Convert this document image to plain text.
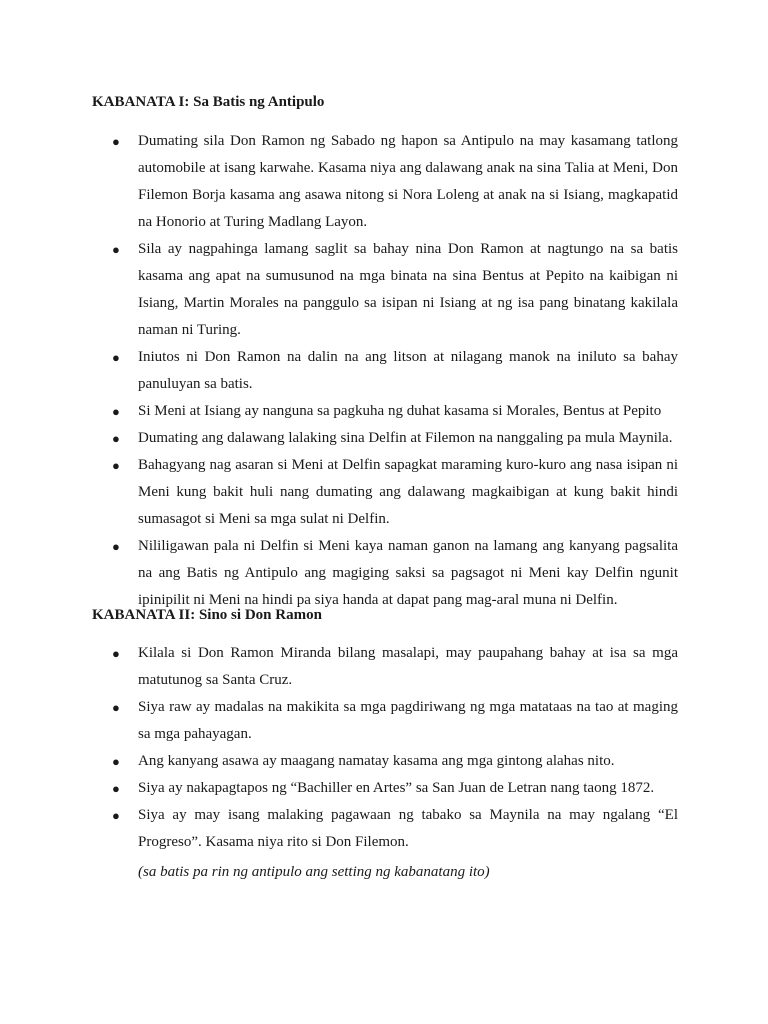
KABANATA I: Sa Batis ng Antipulo
● Dumating sila Don Ramon ng Sabado ng hapon sa Antipulo na may kasamang tatlong automobile at isang karwahe. Kasama niya ang dalawang anak na sina Talia at Meni, Don Filemon Borja kasama ang asawa nitong si Nora Loleng at anak na si Isiang, magkapatid na Honorio at Turing Madlang Layon.
● Sila ay nagpahinga lamang saglit sa bahay nina Don Ramon at nagtungo na sa batis kasama ang apat na sumusunod na mga binata na sina Bentus at Pepito na kaibigan ni Isiang, Martin Morales na panggulo sa isipan ni Isiang at ng isa pang binatang kakilala naman ni Turing.
● Iniutos ni Don Ramon na dalin na ang litson at nilagang manok na iniluto sa bahay panuluyan sa batis.
● Si Meni at Isiang ay nanguna sa pagkuha ng duhat kasama si Morales, Bentus at Pepito
● Dumating ang dalawang lalaking sina Delfin at Filemon na nanggaling pa mula Maynila.
● Bahagyang nag asaran si Meni at Delfin sapagkat maraming kuro-kuro ang nasa isipan ni Meni kung bakit huli nang dumating ang dalawang magkaibigan at kung bakit hindi sumasagot si Meni sa mga sulat ni Delfin.
● Nililigawan pala ni Delfin si Meni kaya naman ganon na lamang ang kanyang pagsalita na ang Batis ng Antipulo ang magiging saksi sa pagsagot ni Meni kay Delfin ngunit ipinipilit ni Meni na hindi pa siya handa at dapat pang mag-aral muna ni Delfin.
KABANATA II: Sino si Don Ramon
● Kilala si Don Ramon Miranda bilang masalapi, may paupahang bahay at isa sa mga matutunog sa Santa Cruz.
● Siya raw ay madalas na makikita sa mga pagdiriwang ng mga matataas na tao at maging sa mga pahayagan.
● Ang kanyang asawa ay maagang namatay kasama ang mga gintong alahas nito.
● Siya ay nakapagtapos ng “Bachiller en Artes” sa San Juan de Letran nang taong 1872.
● Siya ay may isang malaking pagawaan ng tabako sa Maynila na may ngalang “El Progreso”. Kasama niya rito si Don Filemon.

(sa batis pa rin ng antipulo ang setting ng kabanatang ito)
